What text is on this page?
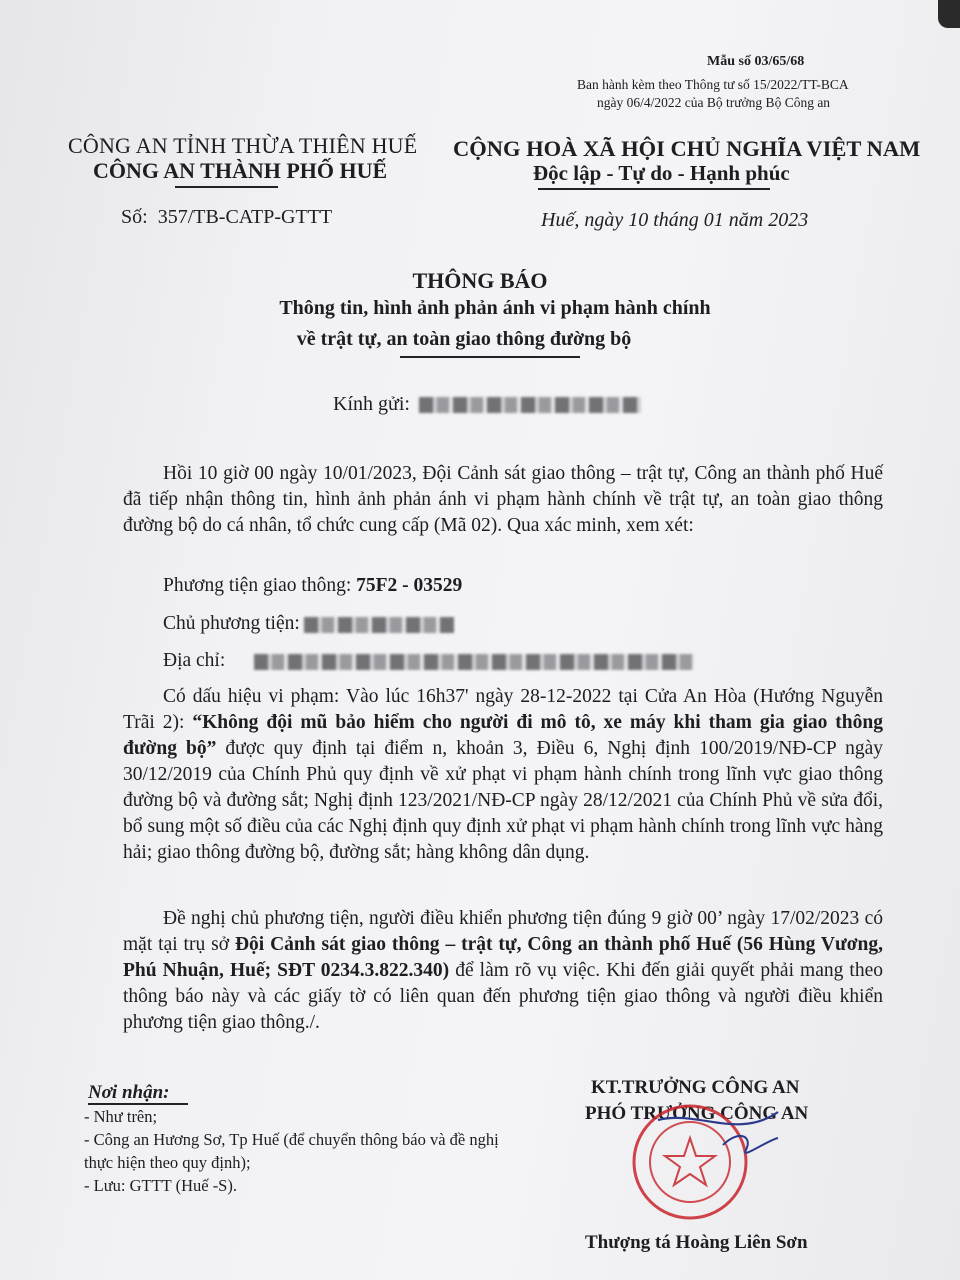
Mẫu số 03/65/68
Ban hành kèm theo Thông tư số 15/2022/TT-BCA
ngày 06/4/2022 của Bộ trưởng Bộ Công an
CÔNG AN TỈNH THỪA THIÊN HUẾ
CÔNG AN THÀNH PHỐ HUẾ
CỘNG HOÀ XÃ HỘI CHỦ NGHĨA VIỆT NAM
Độc lập - Tự do - Hạnh phúc
Số: 357/TB-CATP-GTTT	Huế, ngày 10 tháng 01 năm 2023
THÔNG BÁO
Thông tin, hình ảnh phản ánh vi phạm hành chính
về trật tự, an toàn giao thông đường bộ
Kính gửi:
Hồi 10 giờ 00 ngày 10/01/2023, Đội Cảnh sát giao thông – trật tự, Công an thành phố Huế đã tiếp nhận thông tin, hình ảnh phản ánh vi phạm hành chính về trật tự, an toàn giao thông đường bộ do cá nhân, tổ chức cung cấp (Mã 02). Qua xác minh, xem xét:
Phương tiện giao thông: 75F2 - 03529
Chủ phương tiện:
Địa chỉ:
Có dấu hiệu vi phạm: Vào lúc 16h37' ngày 28-12-2022 tại Cửa An Hòa (Hướng Nguyễn Trãi 2): “Không đội mũ bảo hiểm cho người đi mô tô, xe máy khi tham gia giao thông đường bộ” được quy định tại điểm n, khoản 3, Điều 6, Nghị định 100/2019/NĐ-CP ngày 30/12/2019 của Chính Phủ quy định về xử phạt vi phạm hành chính trong lĩnh vực giao thông đường bộ và đường sắt; Nghị định 123/2021/NĐ-CP ngày 28/12/2021 của Chính Phủ về sửa đổi, bổ sung một số điều của các Nghị định quy định xử phạt vi phạm hành chính trong lĩnh vực hàng hải; giao thông đường bộ, đường sắt; hàng không dân dụng.
Đề nghị chủ phương tiện, người điều khiển phương tiện đúng 9 giờ 00’ ngày 17/02/2023 có mặt tại trụ sở Đội Cảnh sát giao thông – trật tự, Công an thành phố Huế (56 Hùng Vương, Phú Nhuận, Huế; SĐT 0234.3.822.340) để làm rõ vụ việc. Khi đến giải quyết phải mang theo thông báo này và các giấy tờ có liên quan đến phương tiện giao thông và người điều khiển phương tiện giao thông./.
Nơi nhận:
- Như trên;
- Công an Hương Sơ, Tp Huế (để chuyển thông báo và đề nghị thực hiện theo quy định);
- Lưu: GTTT (Huế -S).
KT.TRƯỞNG CÔNG AN
PHÓ TRƯỞNG CÔNG AN
Thượng tá Hoàng Liên Sơn
